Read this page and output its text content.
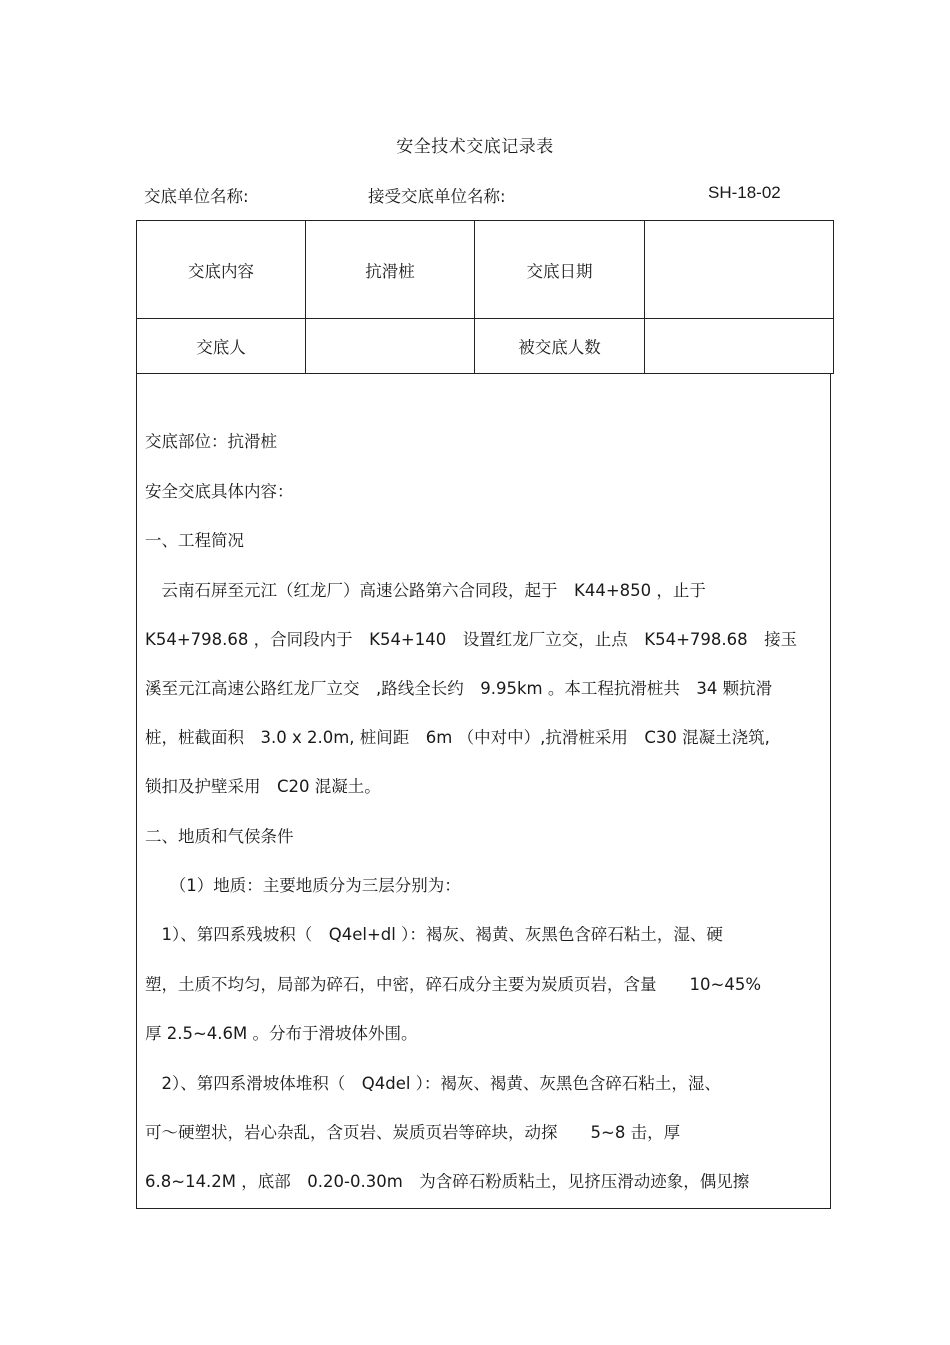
安全技术交底记录表
交底单位名称:	接受交底单位名称:	SH-18-02
交底内容	抗滑桩	交底日期	
交底人		被交底人数	
交底部位：抗滑桩
安全交底具体内容：
一、工程简况
　云南石屏至元江（红龙厂）高速公路第六合同段，起于　K44+850 ，止于
K54+798.68 ，合同段内于　K54+140　设置红龙厂立交，止点　K54+798.68　接玉
溪至元江高速公路红龙厂立交　,路线全长约　9.95km 。本工程抗滑桩共　34 颗抗滑
桩，桩截面积　3.0 x 2.0m, 桩间距　6m （中对中）,抗滑桩采用　C30 混凝土浇筑,
锁扣及护壁采用　C20 混凝土。
二、地质和气侯条件
　　（1）地质：主要地质分为三层分别为：
　1）、第四系残坡积（　Q4el+dl ）：褐灰、褐黄、灰黑色含碎石粘土，湿、硬
塑，土质不均匀，局部为碎石，中密，碎石成分主要为炭质页岩，含量　　10~45%
厚 2.5~4.6M 。分布于滑坡体外围。
　2）、第四系滑坡体堆积（　Q4del ）：褐灰、褐黄、灰黑色含碎石粘土，湿、
可～硬塑状，岩心杂乱，含页岩、炭质页岩等碎块，动探　　5~8 击，厚
6.8~14.2M ，底部　0.20-0.30m　为含碎石粉质粘土，见挤压滑动迹象，偶见擦
